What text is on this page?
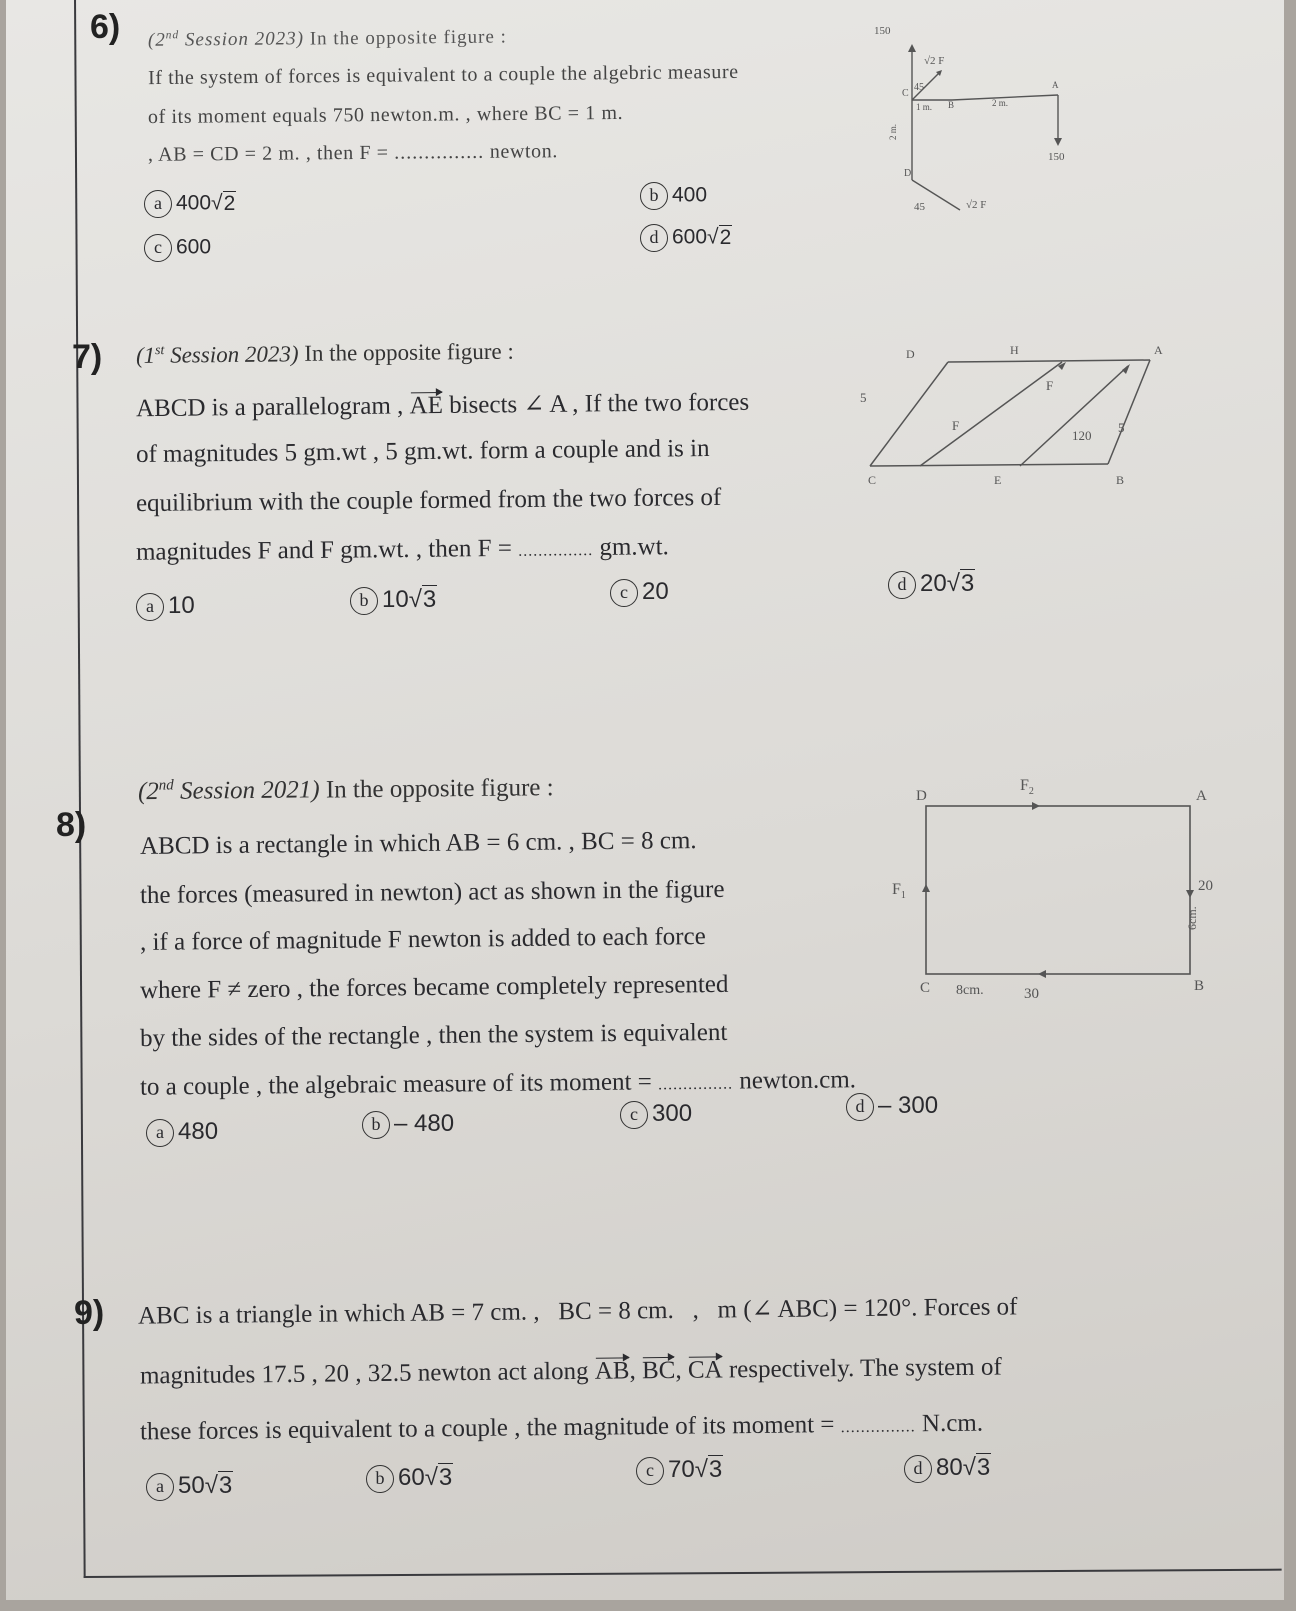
6) (2nd Session 2023) In the opposite figure :
If the system of forces is equivalent to a couple the algebric measure
of its moment equals 750 newton.m. , where BC = 1 m.
, AB = CD = 2 m. , then F = ............... newton.
a 400√2	b 400
c 600	d 600√2
150
√2 F
45
C
1 m. B	2 m.
A
150
2 m.
D
45	√2 F
7) (1st Session 2023) In the opposite figure :
ABCD is a parallelogram , AE bisects ∠ A , If the two forces
of magnitudes 5 gm.wt , 5 gm.wt. form a couple and is in
equilibrium with the couple formed from the two forces of
magnitudes F and F gm.wt. , then F = ............... gm.wt.
a 10	b 10√3	c 20	d 20√3
D	H	A
5
F
F
120
5
C	E	B
8)
(2nd Session 2021) In the opposite figure :
ABCD is a rectangle in which AB = 6 cm. , BC = 8 cm.
the forces (measured in newton) act as shown in the figure
, if a force of magnitude F newton is added to each force
where F ≠ zero , the forces became completely represented
by the sides of the rectangle , then the system is equivalent
to a couple , the algebraic measure of its moment = ............... newton.cm.
a 480	b – 480	c 300	d – 300
D
$F_2$	A
$F_1$
20
6cm.
C 8cm.	30	B
9) ABC is a triangle in which AB = 7 cm. ,   BC = 8 cm.   ,   m (∠ ABC) = 120°. Forces of
magnitudes 17.5 , 20 , 32.5 newton act along AB, BC, CA respectively. The system of
these forces is equivalent to a couple , the magnitude of its moment = ............... N.cm.
a 50√3	b 60√3	c 70√3	d 80√3
